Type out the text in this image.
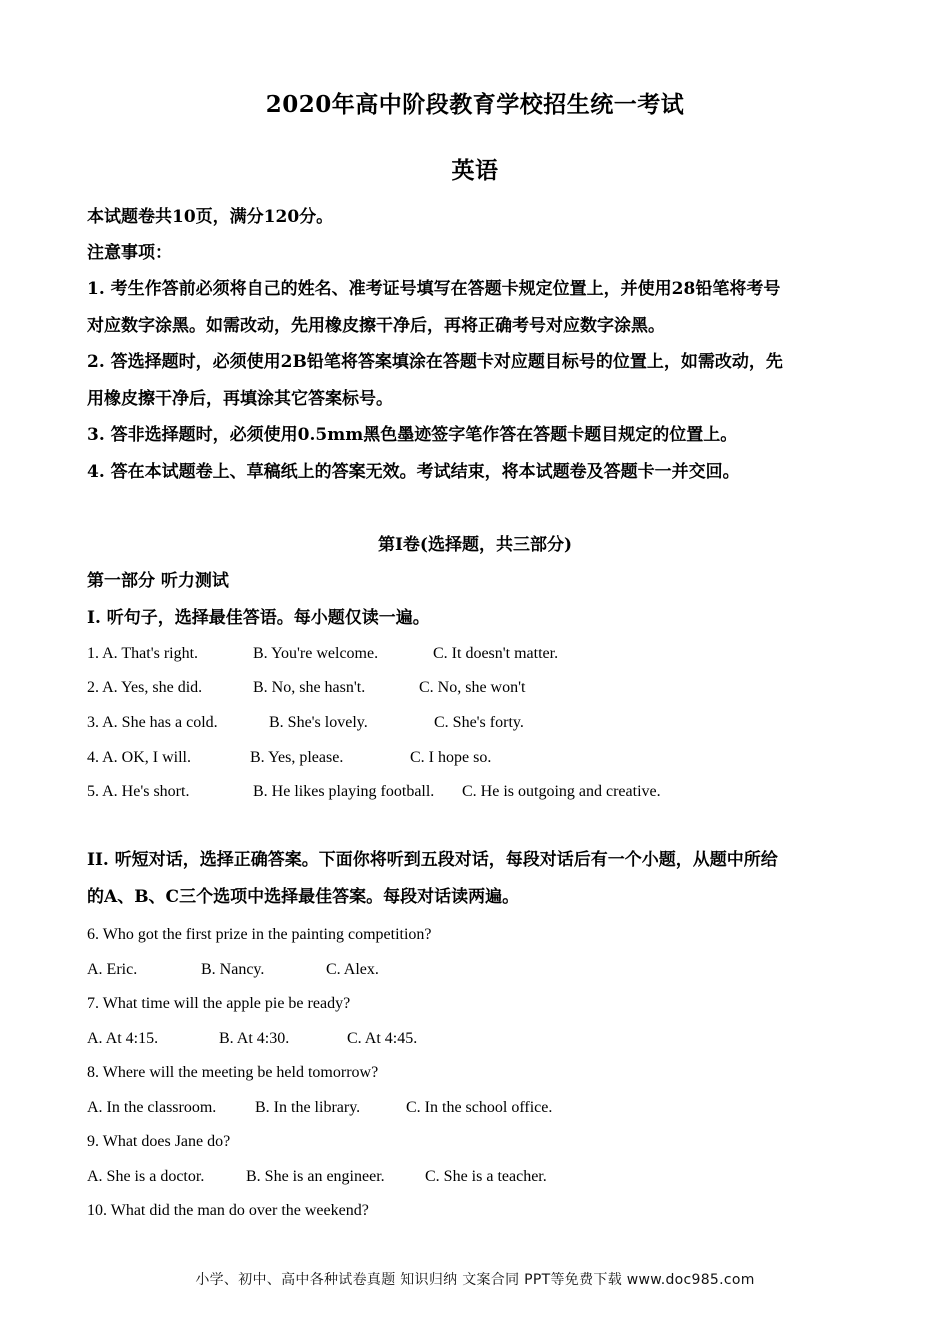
2020年高中阶段教育学校招生统一考试
英语
本试题卷共10页，满分120分。
注意事项：
1. 考生作答前必须将自己的姓名、准考证号填写在答题卡规定位置上，并使用28铅笔将考号
对应数字涂黑。如需改动，先用橡皮擦干净后，再将正确考号对应数字涂黑。
2. 答选择题时，必须使用2B铅笔将答案填涂在答题卡对应题目标号的位置上，如需改动，先
用橡皮擦干净后，再填涂其它答案标号。
3. 答非选择题时，必须使用0.5mm黑色墨迹签字笔作答在答题卡题目规定的位置上。
4. 答在本试题卷上、草稿纸上的答案无效。考试结束，将本试题卷及答题卡一并交回。
第I卷(选择题，共三部分)
第一部分 听力测试
I. 听句子，选择最佳答语。每小题仅读一遍。
1. A. That's right.	B. You're welcome.	C. It doesn't matter.
2. A. Yes, she did.	B. No, she hasn't.	C. No, she won't
3. A. She has a cold.	B. She's lovely.	C. She's forty.
4. A. OK, I will.	B. Yes, please.	C. I hope so.
5. A. He's short.	B. He likes playing football. C. He is outgoing and creative.
II. 听短对话，选择正确答案。下面你将听到五段对话，每段对话后有一个小题，从题中所给
的A、B、C三个选项中选择最佳答案。每段对话读两遍。
6. Who got the first prize in the painting competition?
A. Eric.	B. Nancy.	C. Alex.
7. What time will the apple pie be ready?
A. At 4:15.	B. At 4:30.	C. At 4:45.
8. Where will the meeting be held tomorrow?
A. In the classroom. B. In the library.	C. In the school office.
9. What does Jane do?
A. She is a doctor.	B. She is an engineer.	C. She is a teacher.
10. What did the man do over the weekend?
小学、初中、高中各种试卷真题 知识归纳 文案合同 PPT等免费下载 www.doc985.com
